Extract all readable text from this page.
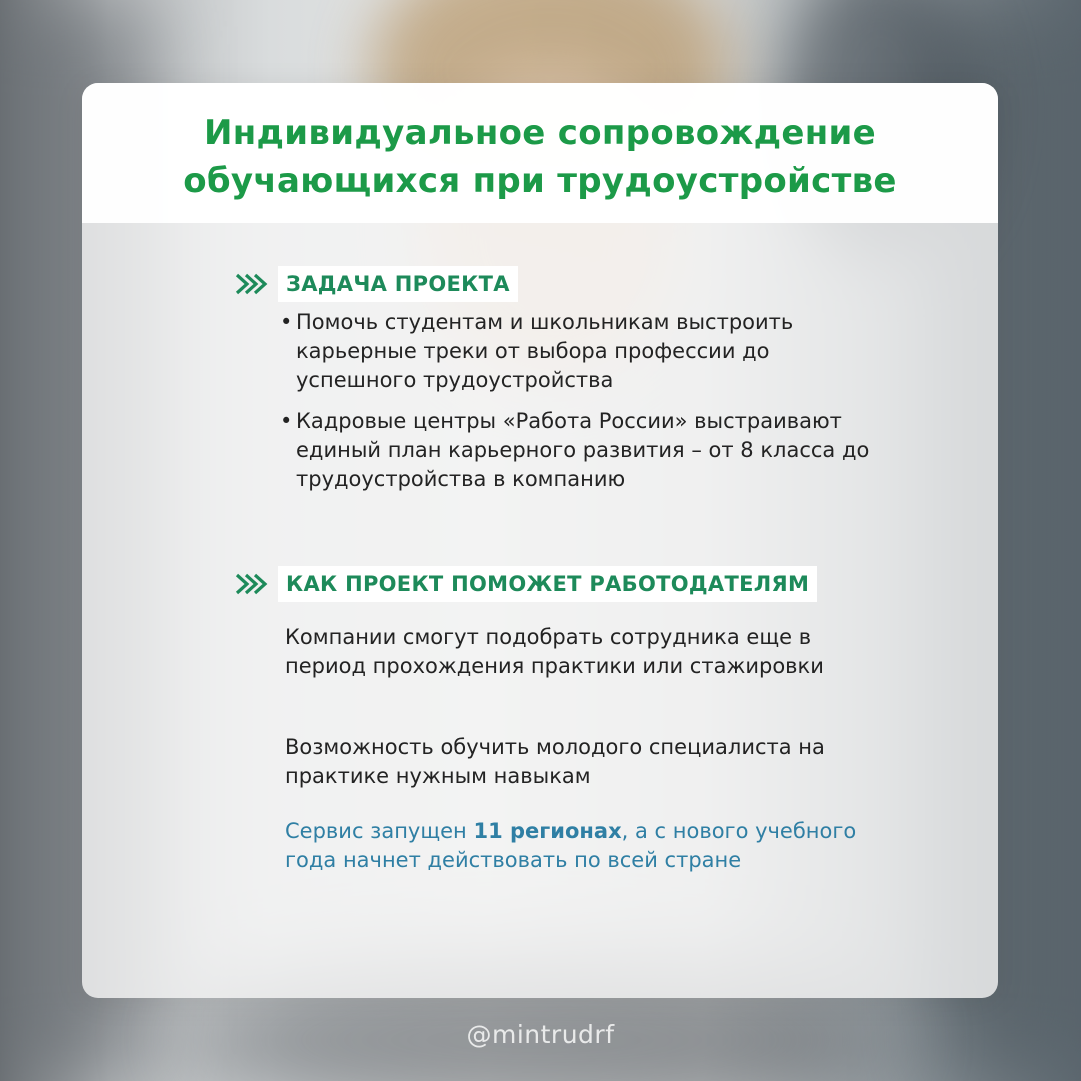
Индивидуальное сопровождение
обучающихся при трудоустройстве
ЗАДАЧА ПРОЕКТА
• Помочь студентам и школьникам выстроить карьерные треки от выбора профессии до успешного трудоустройства
• Кадровые центры «Работа России» выстраивают единый план карьерного развития – от 8 класса до трудоустройства в компанию
КАК ПРОЕКТ ПОМОЖЕТ РАБОТОДАТЕЛЯМ

Компании смогут подобрать сотрудника еще в период прохождения практики или стажировки

Возможность обучить молодого специалиста на практике нужным навыкам

Сервис запущен 11 регионах, а с нового учебного года начнет действовать по всей стране

@mintrudrf
